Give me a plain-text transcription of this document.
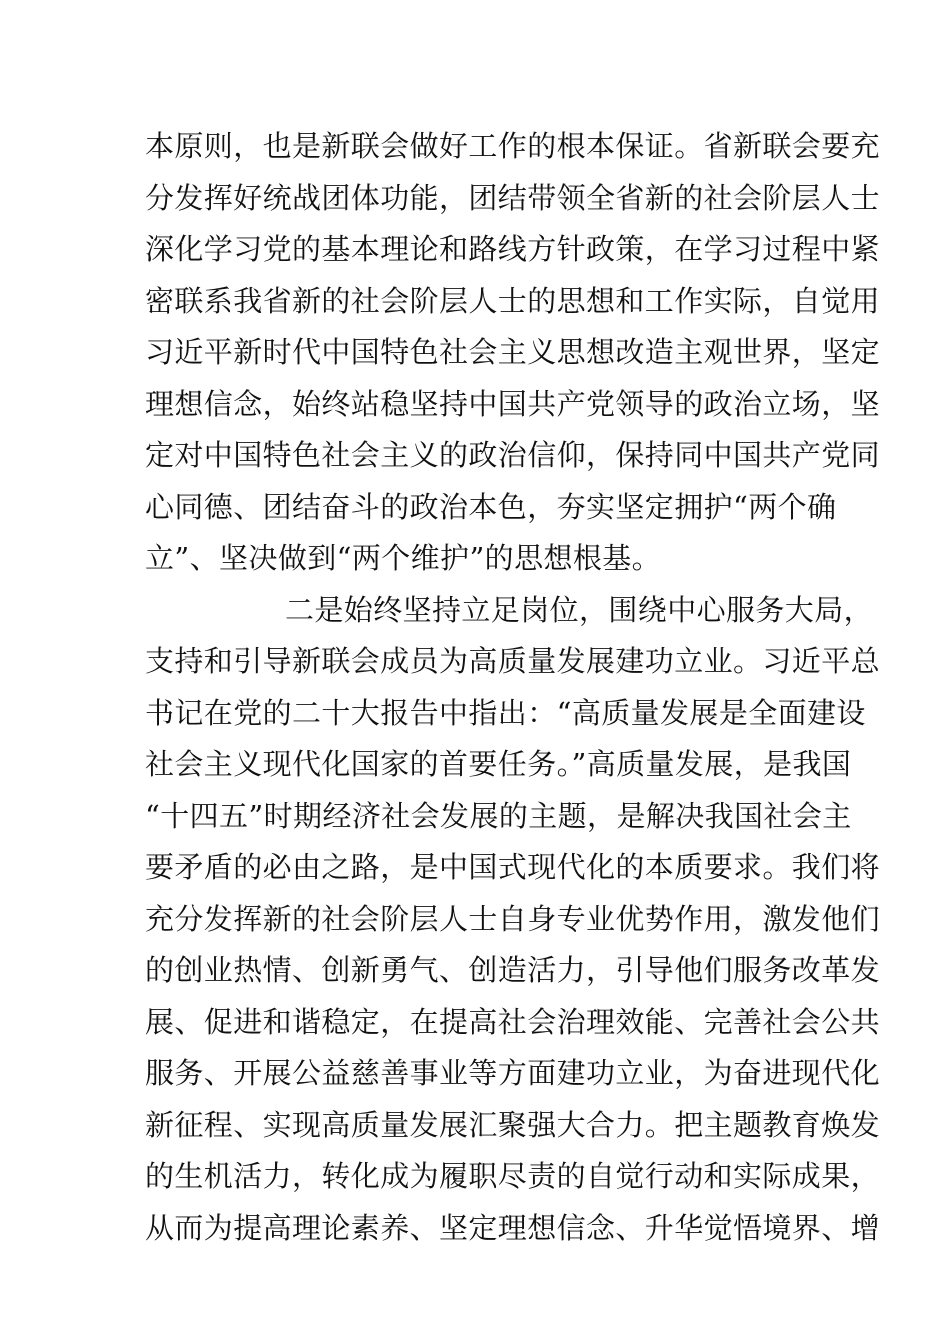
本原则，也是新联会做好工作的根本保证。省新联会要充
分发挥好统战团体功能，团结带领全省新的社会阶层人士
深化学习党的基本理论和路线方针政策，在学习过程中紧
密联系我省新的社会阶层人士的思想和工作实际，自觉用
习近平新时代中国特色社会主义思想改造主观世界，坚定
理想信念，始终站稳坚持中国共产党领导的政治立场，坚
定对中国特色社会主义的政治信仰，保持同中国共产党同
心同德、团结奋斗的政治本色，夯实坚定拥护“两个确
立”、坚决做到“两个维护”的思想根基。
二是始终坚持立足岗位，围绕中心服务大局，
支持和引导新联会成员为高质量发展建功立业。习近平总
书记在党的二十大报告中指出：“高质量发展是全面建设
社会主义现代化国家的首要任务。”高质量发展，是我国
“十四五”时期经济社会发展的主题，是解决我国社会主
要矛盾的必由之路，是中国式现代化的本质要求。我们将
充分发挥新的社会阶层人士自身专业优势作用，激发他们
的创业热情、创新勇气、创造活力，引导他们服务改革发
展、促进和谐稳定，在提高社会治理效能、完善社会公共
服务、开展公益慈善事业等方面建功立业，为奋进现代化
新征程、实现高质量发展汇聚强大合力。把主题教育焕发
的生机活力，转化成为履职尽责的自觉行动和实际成果，
从而为提高理论素养、坚定理想信念、升华觉悟境界、增
